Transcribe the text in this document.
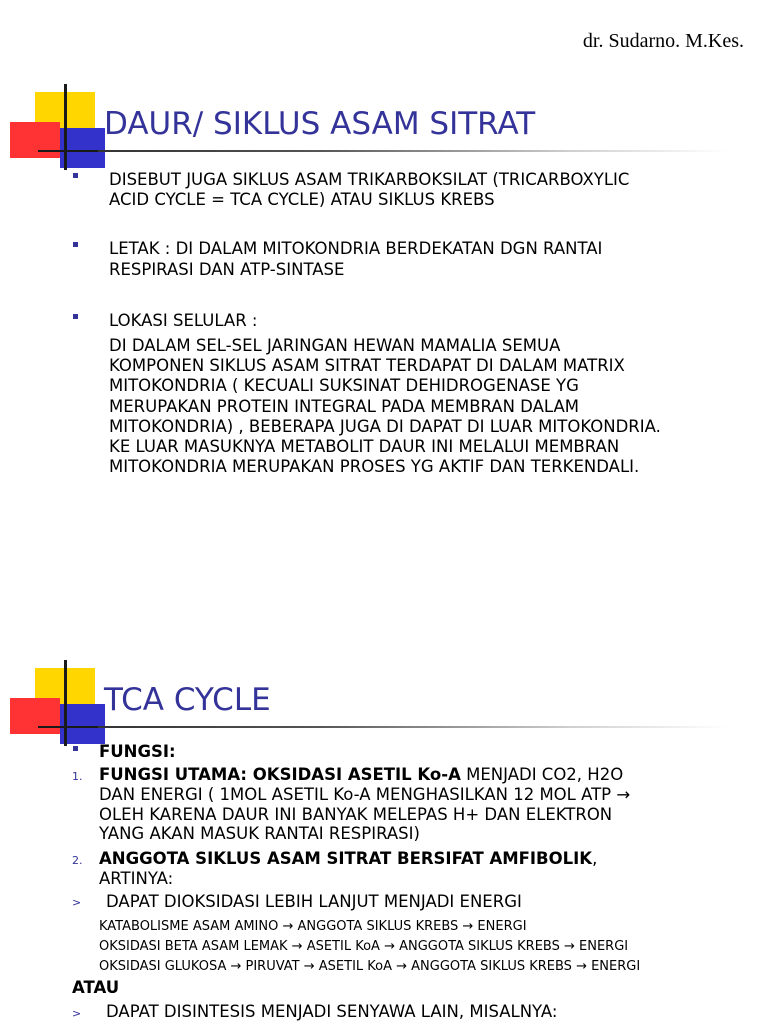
dr. Sudarno. M.Kes.
DAUR/ SIKLUS ASAM SITRAT
DISEBUT JUGA SIKLUS ASAM TRIKARBOKSILAT (TRICARBOXYLIC
ACID CYCLE = TCA CYCLE) ATAU SIKLUS KREBS
LETAK : DI DALAM MITOKONDRIA BERDEKATAN DGN RANTAI
RESPIRASI DAN ATP-SINTASE
LOKASI SELULAR :
DI DALAM SEL-SEL JARINGAN HEWAN MAMALIA SEMUA
KOMPONEN SIKLUS ASAM SITRAT TERDAPAT DI DALAM MATRIX
MITOKONDRIA ( KECUALI SUKSINAT DEHIDROGENASE YG
MERUPAKAN PROTEIN INTEGRAL PADA MEMBRAN DALAM
MITOKONDRIA) , BEBERAPA JUGA DI DAPAT DI LUAR MITOKONDRIA.
KE LUAR MASUKNYA METABOLIT DAUR INI MELALUI MEMBRAN
MITOKONDRIA MERUPAKAN PROSES YG AKTIF DAN TERKENDALI.
TCA CYCLE
FUNGSI:
1. FUNGSI UTAMA: OKSIDASI ASETIL Ko-A MENJADI CO2, H2O
DAN ENERGI ( 1MOL ASETIL Ko-A MENGHASILKAN 12 MOL ATP →
OLEH KARENA DAUR INI BANYAK MELEPAS H+ DAN ELEKTRON
YANG AKAN MASUK RANTAI RESPIRASI)
2. ANGGOTA SIKLUS ASAM SITRAT BERSIFAT AMFIBOLIK,
ARTINYA:
> DAPAT DIOKSIDASI LEBIH LANJUT MENJADI ENERGI
KATABOLISME ASAM AMINO → ANGGOTA SIKLUS KREBS → ENERGI
OKSIDASI BETA ASAM LEMAK → ASETIL KoA → ANGGOTA SIKLUS KREBS → ENERGI
OKSIDASI GLUKOSA → PIRUVAT → ASETIL KoA → ANGGOTA SIKLUS KREBS → ENERGI
ATAU
> DAPAT DISINTESIS MENJADI SENYAWA LAIN, MISALNYA:
